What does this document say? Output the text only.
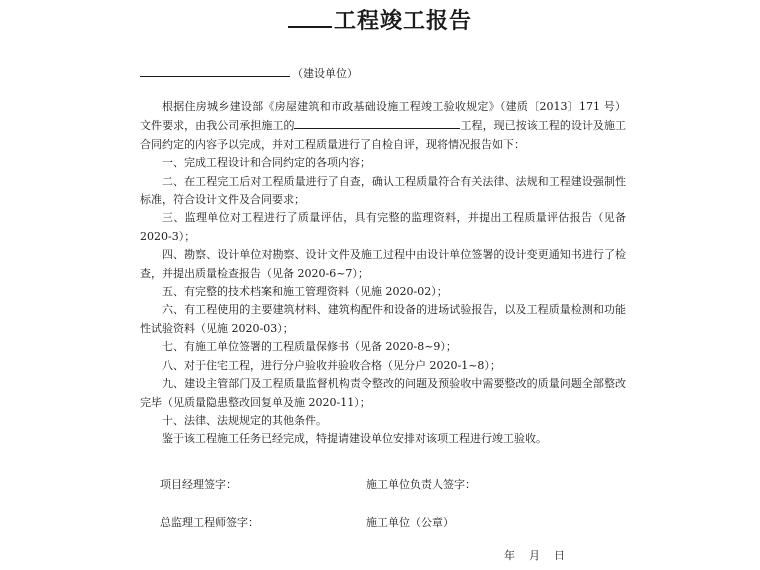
工程竣工报告
（建设单位）

根据住房城乡建设部《房屋建筑和市政基础设施工程竣工验收规定》（建质〔2013〕171 号）文件要求，由我公司承担施工的	工程，现已按该工程的设计及施工合同约定的内容予以完成，并对工程质量进行了自检自评，现将情况报告如下：

一、完成工程设计和合同约定的各项内容；

二、在工程完工后对工程质量进行了自查，确认工程质量符合有关法律、法规和工程建设强制性标准，符合设计文件及合同要求；

三、监理单位对工程进行了质量评估，具有完整的监理资料，并提出工程质量评估报告（见备 2020-3）；

四、勘察、设计单位对勘察、设计文件及施工过程中由设计单位签署的设计变更通知书进行了检查，并提出质量检查报告（见备 2020-6~7）；

五、有完整的技术档案和施工管理资料（见施 2020-02）；

六、有工程使用的主要建筑材料、建筑构配件和设备的进场试验报告，以及工程质量检测和功能性试验资料（见施 2020-03）；

七、有施工单位签署的工程质量保修书（见备 2020-8~9）；

八、对于住宅工程，进行分户验收并验收合格（见分户 2020-1~8）；

九、建设主管部门及工程质量监督机构责令整改的问题及预验收中需要整改的质量问题全部整改完毕（见质量隐患整改回复单及施 2020-11）；

十、法律、法规规定的其他条件。

鉴于该工程施工任务已经完成，特提请建设单位安排对该项工程进行竣工验收。

项目经理签字：	施工单位负责人签字：
总监理工程师签字：	施工单位（公章）
年 月 日
